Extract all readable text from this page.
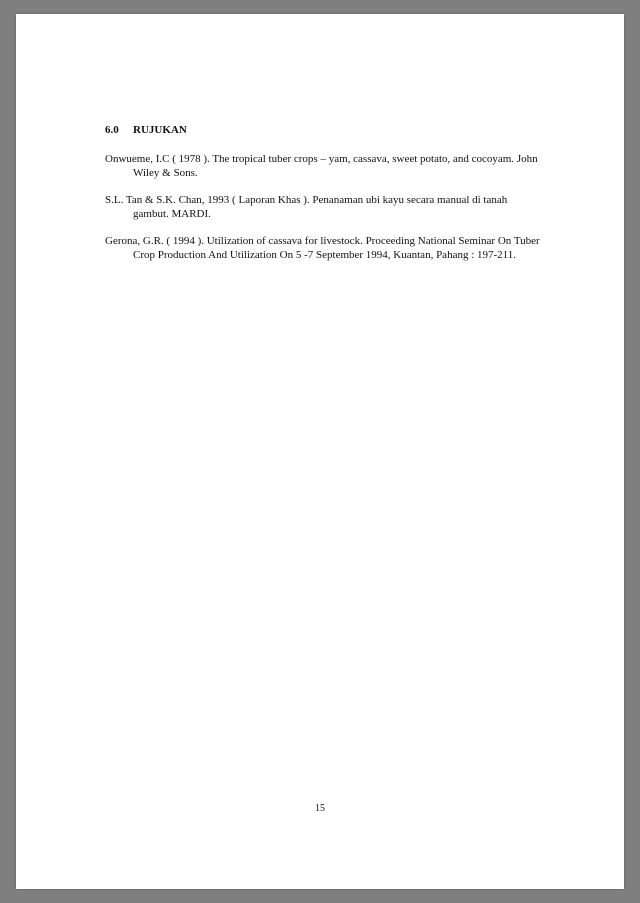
6.0 RUJUKAN
Onwueme, I.C ( 1978 ). The tropical tuber crops – yam, cassava, sweet potato, and cocoyam. John Wiley & Sons.
S.L. Tan & S.K. Chan, 1993 ( Laporan Khas ). Penanaman ubi kayu secara manual di tanah gambut. MARDI.
Gerona, G.R. ( 1994 ). Utilization of cassava for livestock. Proceeding National Seminar On Tuber Crop Production And Utilization On 5 -7 September 1994, Kuantan, Pahang : 197-211.
15
